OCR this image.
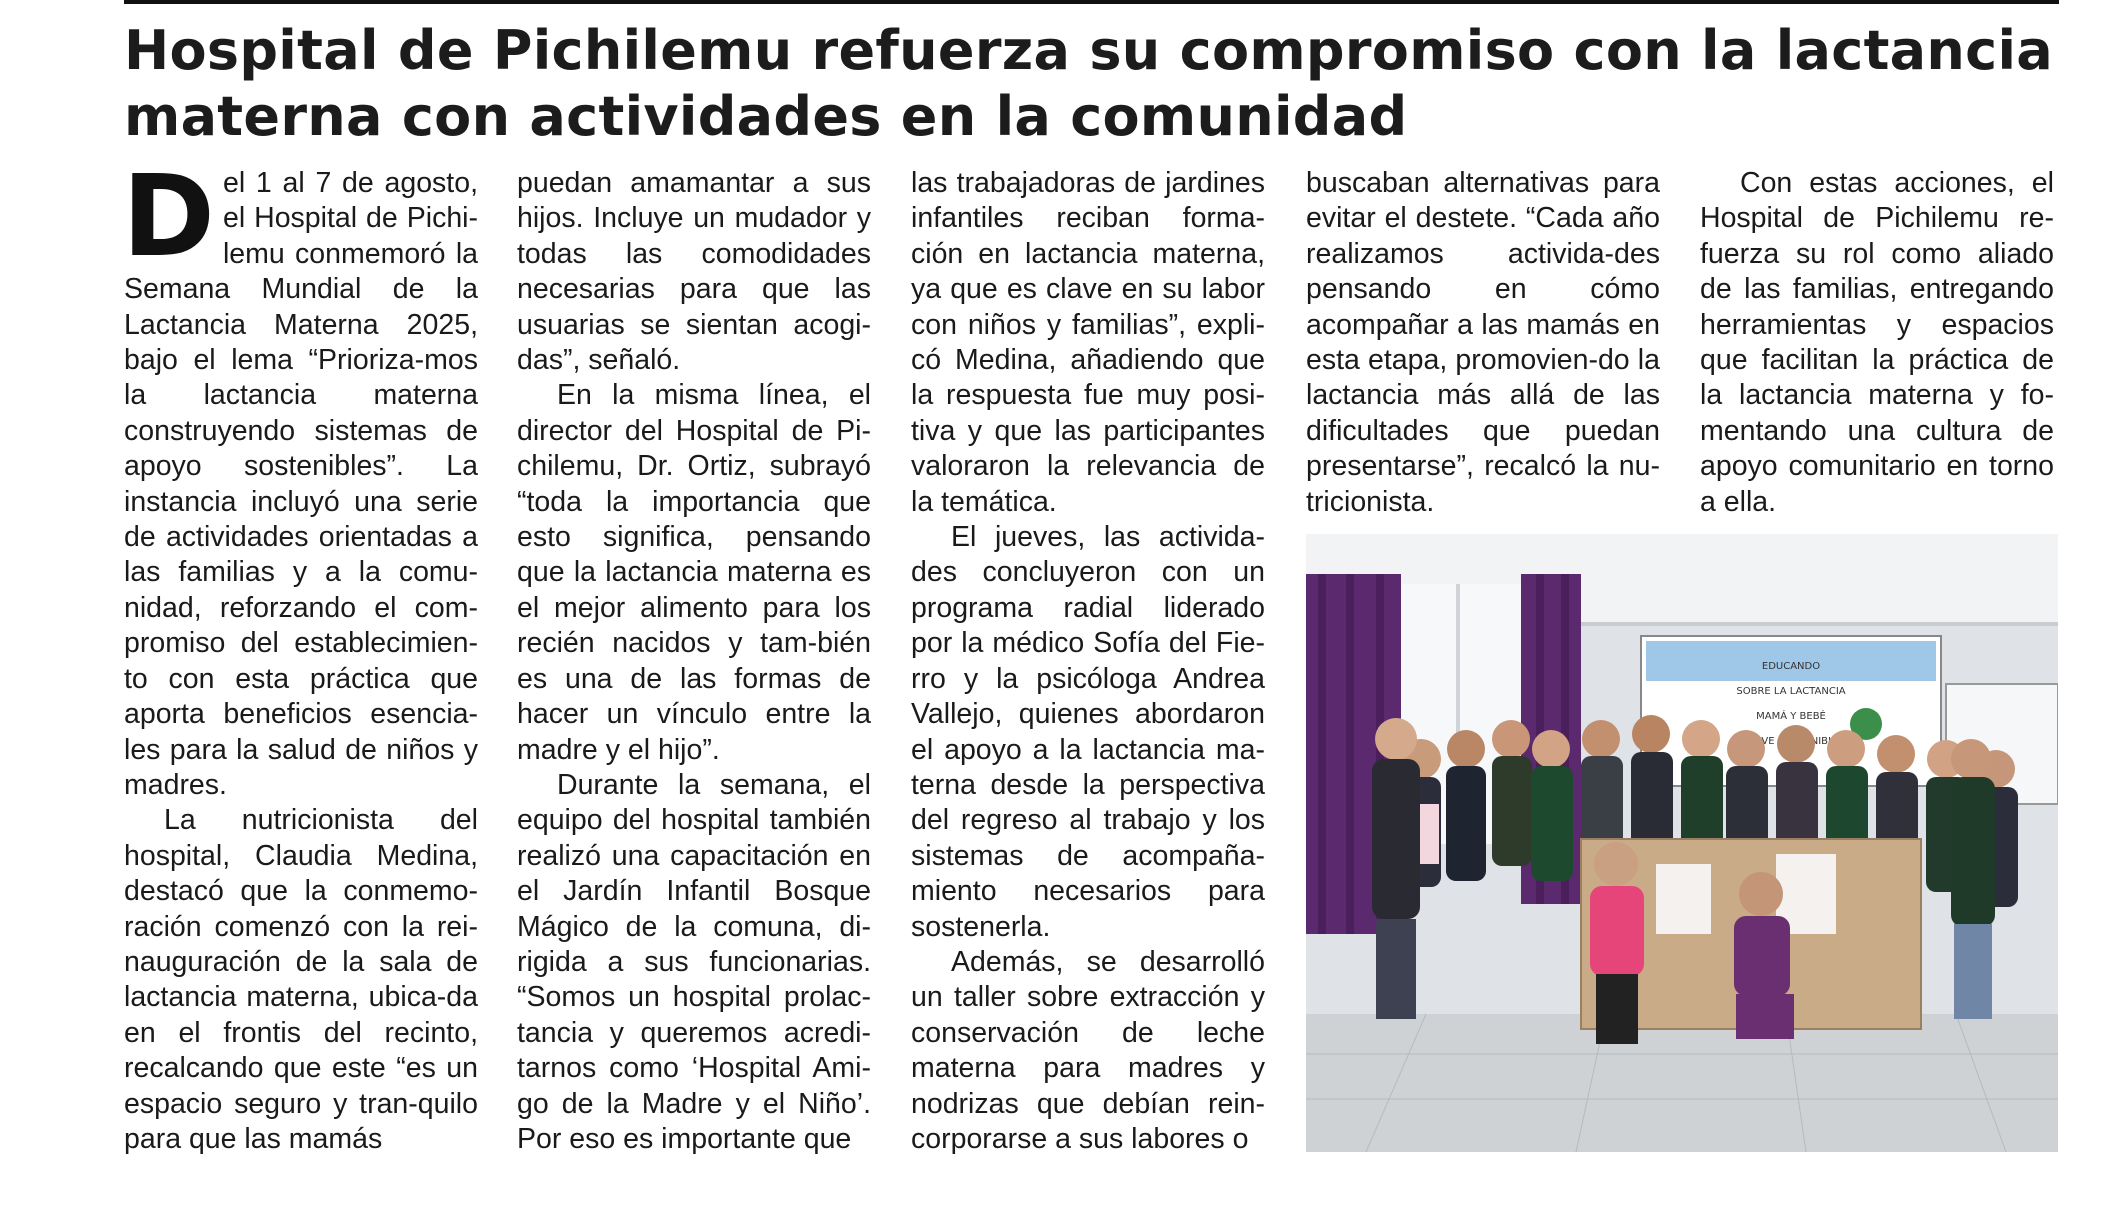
Hospital de Pichilemu refuerza su compromiso con la lactancia materna con actividades en la comunidad

Del 1 al 7 de agosto, el Hospital de Pichi-lemu conmemoró la Semana Mundial de la Lactancia Materna 2025, bajo el lema “Prioriza-mos la lactancia materna construyendo sistemas de apoyo sostenibles”. La instancia incluyó una serie de actividades orientadas a las familias y a la comu-nidad, reforzando el com-promiso del establecimien-to con esta práctica que aporta beneficios esencia-les para la salud de niños y madres.

La nutricionista del hospital, Claudia Medina, destacó que la conmemo-ración comenzó con la rei-nauguración de la sala de lactancia materna, ubica-da en el frontis del recinto, recalcando que este “es un espacio seguro y tran-quilo para que las mamás

puedan amamantar a sus hijos. Incluye un mudador y todas las comodidades necesarias para que las usuarias se sientan acogi-das”, señaló.

En la misma línea, el director del Hospital de Pi-chilemu, Dr. Ortiz, subrayó “toda la importancia que esto significa, pensando que la lactancia materna es el mejor alimento para los recién nacidos y tam-bién es una de las formas de hacer un vínculo entre la madre y el hijo”.

Durante la semana, el equipo del hospital también realizó una capacitación en el Jardín Infantil Bosque Mágico de la comuna, di-rigida a sus funcionarias. “Somos un hospital prolac-tancia y queremos acredi-tarnos como ‘Hospital Ami-go de la Madre y el Niño’. Por eso es importante que

las trabajadoras de jardines infantiles reciban forma-ción en lactancia materna, ya que es clave en su labor con niños y familias”, expli-có Medina, añadiendo que la respuesta fue muy posi-tiva y que las participantes valoraron la relevancia de la temática.

El jueves, las activida-des concluyeron con un programa radial liderado por la médico Sofía del Fie-rro y la psicóloga Andrea Vallejo, quienes abordaron el apoyo a la lactancia ma-terna desde la perspectiva del regreso al trabajo y los sistemas de acompaña-miento necesarios para sostenerla.

Además, se desarrolló un taller sobre extracción y conservación de leche materna para madres y nodrizas que debían rein-corporarse a sus labores o

buscaban alternativas para evitar el destete. “Cada año realizamos activida-des pensando en cómo acompañar a las mamás en esta etapa, promovien-do la lactancia más allá de las dificultades que puedan presentarse”, recalcó la nu-tricionista.

Con estas acciones, el Hospital de Pichilemu re-fuerza su rol como aliado de las familias, entregando herramientas y espacios que facilitan la práctica de la lactancia materna y fo-mentando una cultura de apoyo comunitario en torno a ella.

EDUCANDO
SOBRE LA LACTANCIA
MAMÁ Y BEBÉ
